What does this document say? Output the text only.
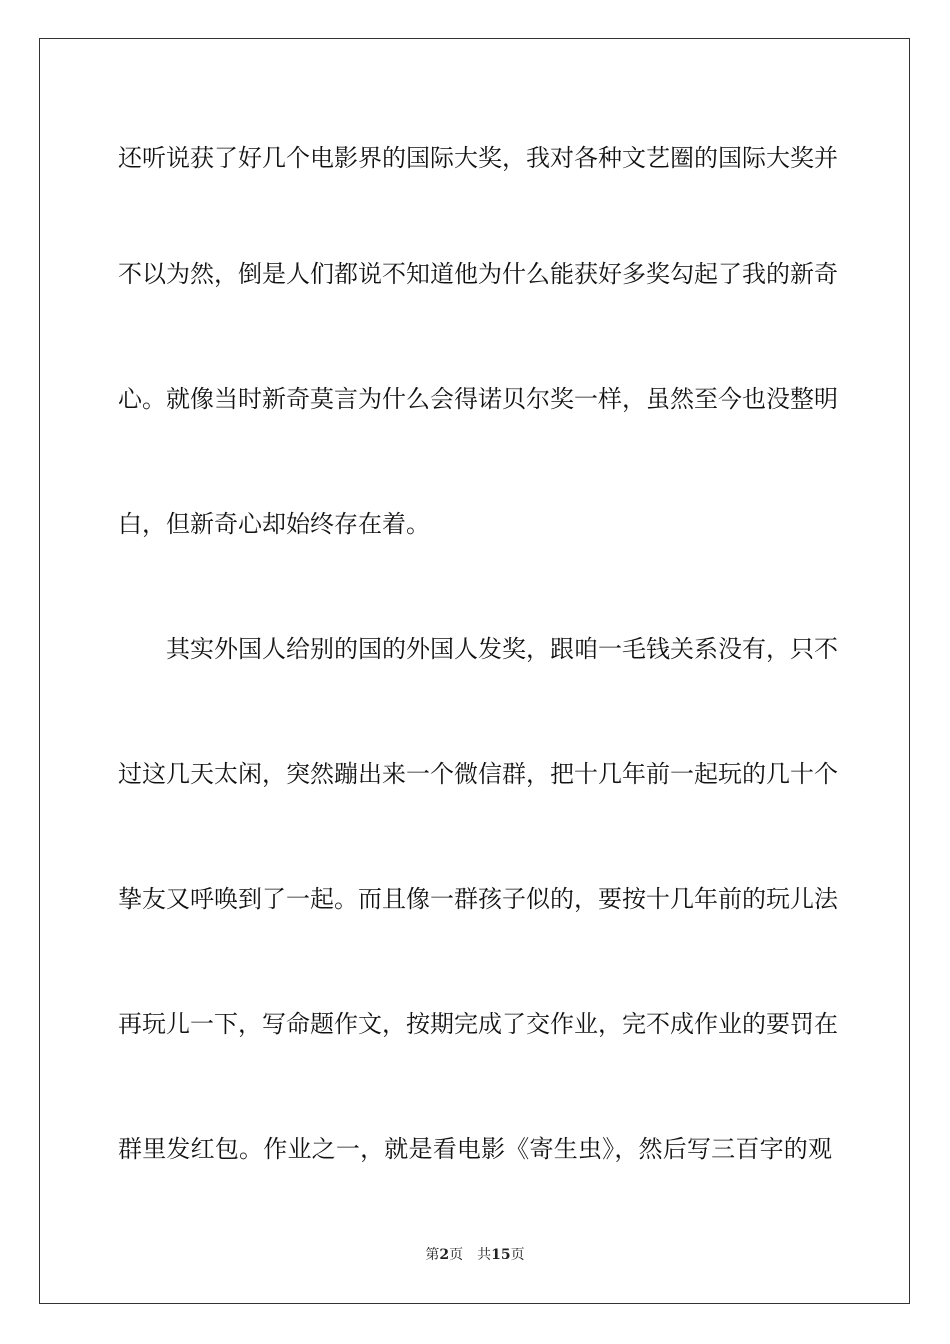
还听说获了好几个电影界的国际大奖，我对各种文艺圈的国际大奖并
不以为然，倒是人们都说不知道他为什么能获好多奖勾起了我的新奇
心。就像当时新奇莫言为什么会得诺贝尔奖一样，虽然至今也没整明
白，但新奇心却始终存在着。
其实外国人给别的国的外国人发奖，跟咱一毛钱关系没有，只不
过这几天太闲，突然蹦出来一个微信群，把十几年前一起玩的几十个
挚友又呼唤到了一起。而且像一群孩子似的，要按十几年前的玩儿法
再玩儿一下，写命题作文，按期完成了交作业，完不成作业的要罚在
群里发红包。作业之一，就是看电影《寄生虫》，然后写三百字的观
第2页 共15页
